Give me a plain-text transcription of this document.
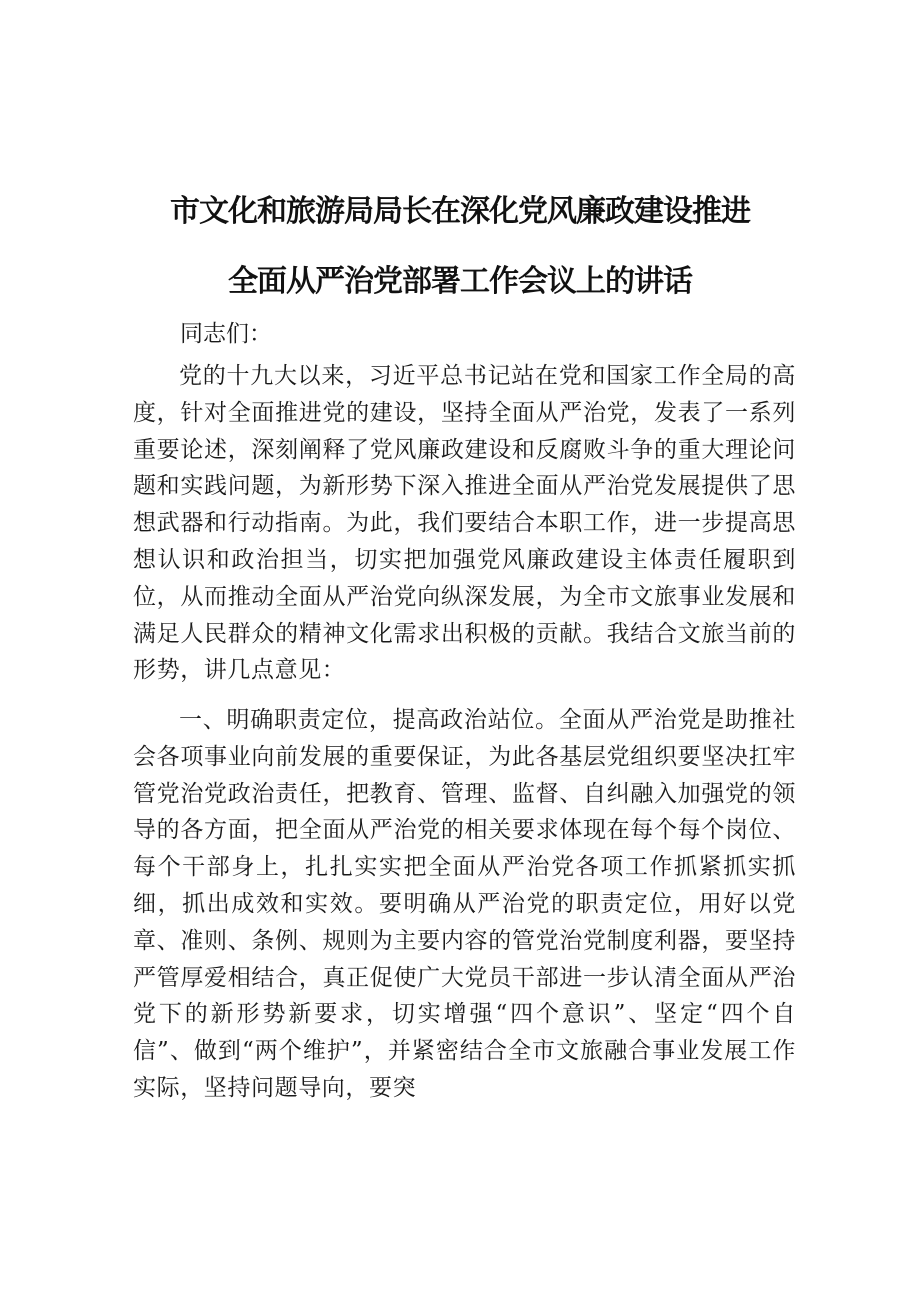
市文化和旅游局局长在深化党风廉政建设推进
全面从严治党部署工作会议上的讲话
同志们：
党的十九大以来，习近平总书记站在党和国家工作全局的高度，针对全面推进党的建设，坚持全面从严治党，发表了一系列重要论述，深刻阐释了党风廉政建设和反腐败斗争的重大理论问题和实践问题，为新形势下深入推进全面从严治党发展提供了思想武器和行动指南。为此，我们要结合本职工作，进一步提高思想认识和政治担当，切实把加强党风廉政建设主体责任履职到位，从而推动全面从严治党向纵深发展，为全市文旅事业发展和满足人民群众的精神文化需求出积极的贡献。我结合文旅当前的形势，讲几点意见：
一、明确职责定位，提高政治站位。全面从严治党是助推社会各项事业向前发展的重要保证，为此各基层党组织要坚决扛牢管党治党政治责任，把教育、管理、监督、自纠融入加强党的领导的各方面，把全面从严治党的相关要求体现在每个每个岗位、每个干部身上，扎扎实实把全面从严治党各项工作抓紧抓实抓细，抓出成效和实效。要明确从严治党的职责定位，用好以党章、准则、条例、规则为主要内容的管党治党制度利器，要坚持严管厚爱相结合，真正促使广大党员干部进一步认清全面从严治党下的新形势新要求，切实增强“四个意识”、坚定“四个自信”、做到“两个维护”，并紧密结合全市文旅融合事业发展工作实际，坚持问题导向，要突
